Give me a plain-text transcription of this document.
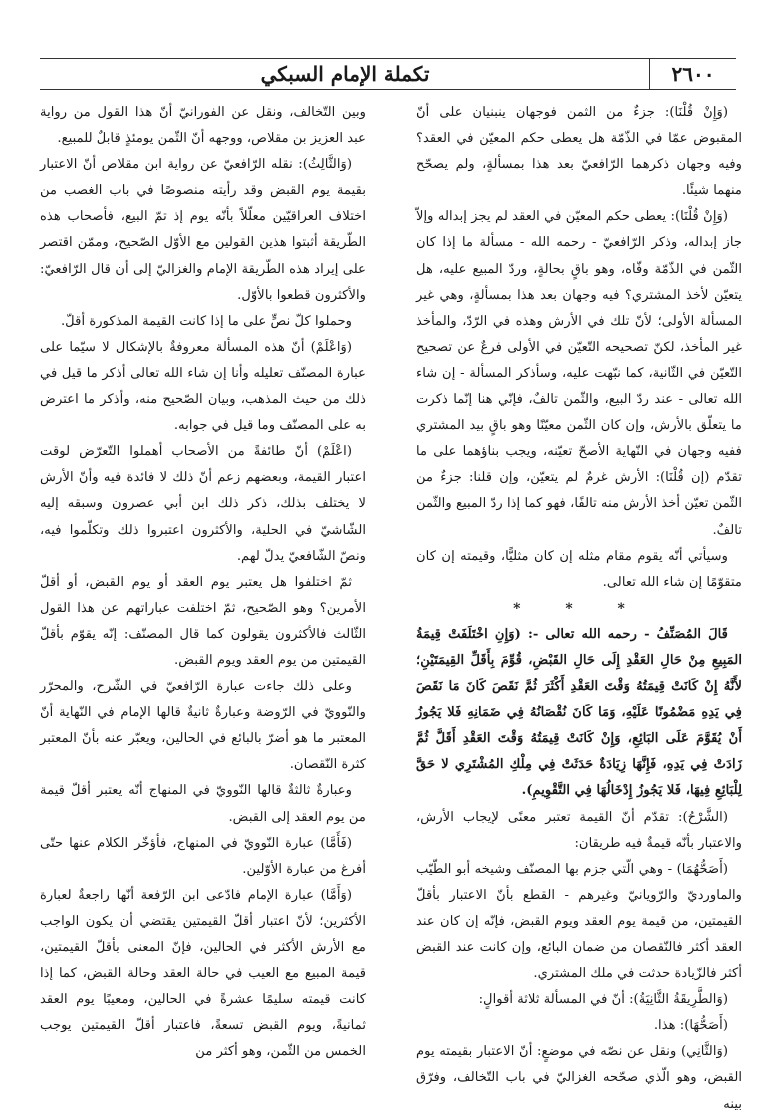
٢٦٠٠
تكملة الإمام السبكي

(وَإِنْ قُلْنَا): جزءٌ من الثمن فوجهان ينبنيان على أنّ المقبوض عمّا في الذّمّة هل يعطى حكم المعيّن في العقد؟ وفيه وجهان ذكرهما الرّافعيّ بعد هذا بمسألةٍ، ولم يصحّح منهما شيئًا.

(وَإِنْ قُلْنَا): يعطى حكم المعيّن في العقد لم يجز إبداله وإلاّ جاز إبداله، وذكر الرّافعيّ - رحمه الله - مسألة ما إذا كان الثّمن في الذّمّة وفّاه، وهو باقٍ بحالةٍ، وردّ المبيع عليه، هل يتعيّن لأخذ المشتري؟ فيه وجهان بعد هذا بمسألةٍ، وهي غير المسألة الأولى؛ لأنّ تلك في الأرش وهذه في الرّدّ، والمأخذ غير المأخذ، لكنّ تصحيحه التّعيّن في الأولى فرعٌ عن تصحيح التّعيّن في الثّانية، كما نبّهت عليه، وسأذكر المسألة - إن شاء الله تعالى - عند ردّ البيع، والثّمن تالفٌ، فإنّي هنا إنّما ذكرت ما يتعلّق بالأرش، وإن كان الثّمن معيّنًا وهو باقٍ بيد المشتري ففيه وجهان في النّهاية الأصحّ تعيّنه، ويجب بناؤهما على ما تقدّم (إن قُلْنَا): الأرش غرمٌ لم يتعيّن، وإن قلنا: جزءٌ من الثّمن تعيّن أخذ الأرش منه تالفًا، فهو كما إذا ردّ المبيع والثّمن تالفٌ.

وسيأتي أنّه يقوم مقام مثله إن كان مثليًّا، وقيمته إن كان متقوّمًا إن شاء الله تعالى.

* * *

قَالَ المُصَنِّفُ - رحمه الله تعالى -: (وَإِنِ اخْتَلَفَتْ قِيمَةُ المَبِيعِ مِنْ حَالِ العَقْدِ إِلَى حَالِ القَبْضِ، قُوِّمَ بِأَقَلِّ القِيمَتَيْنِ؛ لأَنَّهُ إِنْ كَانَتْ قِيمَتُهُ وَقْتَ العَقْدِ أَكْثَرَ ثُمَّ نَقَصَ كَانَ مَا نَقَصَ فِي يَدِهِ مَضْمُونًا عَلَيْهِ، وَمَا كَانَ نُقْصَانُهُ فِي ضَمَانِهِ فَلا يَجُوزُ أَنْ يُقَوَّمَ عَلَى البَائِعِ، وَإِنْ كَانَتْ قِيمَتُهُ وَقْتَ العَقْدِ أَقَلَّ ثُمَّ زَادَتْ فِي يَدِهِ، فَإِنَّهَا زِيَادَةٌ حَدَثَتْ فِي مِلْكِ المُشْتَرِي لا حَقَّ لِلْبَائِعِ فِيهَا، فَلا يَجُوزُ إِدْخَالُهَا فِي التَّقْوِيمِ).

(الشَّرْحُ): تقدّم أنّ القيمة تعتبر معنًى لإيجاب الأرش، والاعتبار بأنّه قيمةٌ فيه طريقان:

(أَصَحُّهُمَا) - وهي الّتي جزم بها المصنّف وشيخه أبو الطّيّب والماورديّ والرّويانيّ وغيرهم - القطع بأنّ الاعتبار بأقلّ القيمتين، من قيمة يوم العقد ويوم القبض، فإنّه إن كان عند العقد أكثر فالنّقصان من ضمان البائع، وإن كانت عند القبض أكثر فالزّيادة حدثت في ملك المشتري.

(وَالطَّرِيقَةُ الثَّانِيَةُ): أنّ في المسألة ثلاثة أقوالٍ:

(أَصَحُّهَا): هذا.

(وَالثَّانِي) ونقل عن نصّه في موضعٍ: أنّ الاعتبار بقيمته يوم القبض، وهو الّذي صحّحه الغزاليّ في باب التّخالف، وفرّق بينه

وبين التّخالف، ونقل عن الفورانيّ أنّ هذا القول من رواية عبد العزيز بن مقلاص، ووجهه أنّ الثّمن يومئذٍ قابلٌ للمبيع.

(وَالثَّالِثُ): نقله الرّافعيّ عن رواية ابن مقلاص أنّ الاعتبار بقيمة يوم القبض وقد رأيته منصوصًا في باب الغصب من اختلاف العراقيّين معلّلاً بأنّه يوم إذ تمّ البيع، فأصحاب هذه الطّريقة أثبتوا هذين القولين مع الأوّل الصّحيح، وممّن اقتصر على إيراد هذه الطّريقة الإمام والغزاليّ إلى أن قال الرّافعيّ: والأكثرون قطعوا بالأوّل.

وحملوا كلّ نصٍّ على ما إذا كانت القيمة المذكورة أقلّ.

(وَاعْلَمْ) أنّ هذه المسألة معروفةٌ بالإشكال لا سيّما على عبارة المصنّف تعليله وأنا إن شاء الله تعالى أذكر ما قيل في ذلك من حيث المذهب، وبيان الصّحيح منه، وأذكر ما اعترض به على المصنّف وما قيل في جوابه.

(اعْلَمْ) أنّ طائفةً من الأصحاب أهملوا التّعرّض لوقت اعتبار القيمة، وبعضهم زعم أنّ ذلك لا فائدة فيه وأنّ الأرش لا يختلف بذلك، ذكر ذلك ابن أبي عصرون وسبقه إليه الشّاشيّ في الحلية، والأكثرون اعتبروا ذلك وتكلّموا فيه، ونصّ الشّافعيّ يدلّ لهم.

ثمّ اختلفوا هل يعتبر يوم العقد أو يوم القبض، أو أقلّ الأمرين؟ وهو الصّحيح، ثمّ اختلفت عباراتهم عن هذا القول الثّالث فالأكثرون يقولون كما قال المصنّف: إنّه يقوّم بأقلّ القيمتين من يوم العقد ويوم القبض.

وعلى ذلك جاءت عبارة الرّافعيّ في الشّرح، والمحرّر والنّوويّ في الرّوضة وعبارةٌ ثانيةٌ قالها الإمام في النّهاية أنّ المعتبر ما هو أضرّ بالبائع في الحالين، ويعبّر عنه بأنّ المعتبر كثرة النّقصان.

وعبارةٌ ثالثةٌ قالها النّوويّ في المنهاج أنّه يعتبر أقلّ قيمة من يوم العقد إلى القبض.

(فَأَمَّا) عبارة النّوويّ في المنهاج، فأؤخّر الكلام عنها حتّى أفرغ من عبارة الأوّلين.

(وَأَمَّا) عبارة الإمام فادّعى ابن الرّفعة أنّها راجعةٌ لعبارة الأكثرين؛ لأنّ اعتبار أقلّ القيمتين يقتضي أن يكون الواجب مع الأرش الأكثر في الحالين، فإنّ المعنى بأقلّ القيمتين، قيمة المبيع مع العيب في حالة العقد وحالة القبض، كما إذا كانت قيمته سليمًا عشرةً في الحالين، ومعيبًا يوم العقد ثمانيةً، ويوم القبض تسعةً، فاعتبار أقلّ القيمتين يوجب الخمس من الثّمن، وهو أكثر من
